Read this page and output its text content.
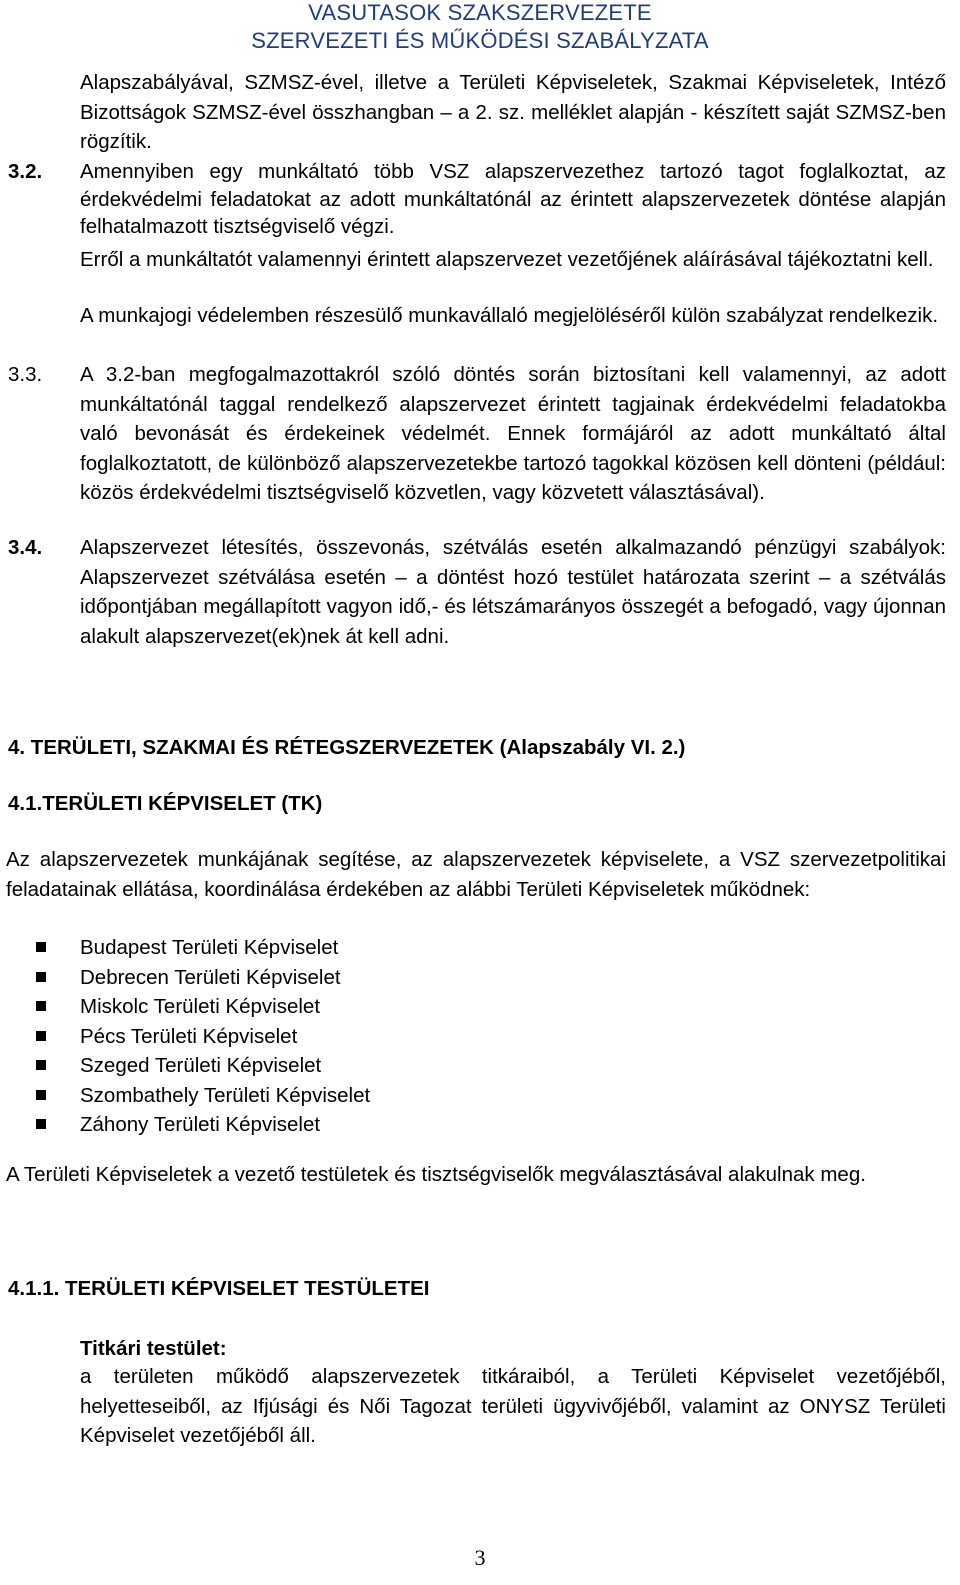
VASUTASOK SZAKSZERVEZETE
SZERVEZETI ÉS MŰKÖDÉSI SZABÁLYZATA
Alapszabályával, SZMSZ-ével, illetve a Területi Képviseletek, Szakmai Képviseletek, Intéző Bizottságok SZMSZ-ével összhangban – a 2. sz. melléklet alapján - készített saját SZMSZ-ben rögzítik.
3.2. Amennyiben egy munkáltató több VSZ alapszervezethez tartozó tagot foglalkoztat, az érdekvédelmi feladatokat az adott munkáltatónál az érintett alapszervezetek döntése alapján felhatalmazott tisztségviselő végzi.
Erről a munkáltatót valamennyi érintett alapszervezet vezetőjének aláírásával tájékoztatni kell.
A munkajogi védelemben részesülő munkavállaló megjelöléséről külön szabályzat rendelkezik.
3.3. A 3.2-ban megfogalmazottakról szóló döntés során biztosítani kell valamennyi, az adott munkáltatónál taggal rendelkező alapszervezet érintett tagjainak érdekvédelmi feladatokba való bevonását és érdekeinek védelmét. Ennek formájáról az adott munkáltató által foglalkoztatott, de különböző alapszervezetekbe tartozó tagokkal közösen kell dönteni (például: közös érdekvédelmi tisztségviselő közvetlen, vagy közvetett választásával).
3.4. Alapszervezet létesítés, összevonás, szétválás esetén alkalmazandó pénzügyi szabályok: Alapszervezet szétválása esetén – a döntést hozó testület határozata szerint – a szétválás időpontjában megállapított vagyon idő,- és létszámarányos összegét a befogadó, vagy újonnan alakult alapszervezet(ek)nek át kell adni.
4. TERÜLETI, SZAKMAI ÉS RÉTEGSZERVEZETEK (Alapszabály VI. 2.)
4.1.TERÜLETI KÉPVISELET (TK)
Az alapszervezetek munkájának segítése, az alapszervezetek képviselete, a VSZ szervezetpolitikai feladatainak ellátása, koordinálása érdekében az alábbi Területi Képviseletek működnek:
Budapest Területi Képviselet
Debrecen Területi Képviselet
Miskolc Területi Képviselet
Pécs Területi Képviselet
Szeged Területi Képviselet
Szombathely Területi Képviselet
Záhony Területi Képviselet
A Területi Képviseletek a vezető testületek és tisztségviselők megválasztásával alakulnak meg.
4.1.1. TERÜLETI KÉPVISELET TESTÜLETEI
Titkári testület:
a területen működő alapszervezetek titkáraiból, a Területi Képviselet vezetőjéből, helyetteseiből, az Ifjúsági és Női Tagozat területi ügyvivőjéből, valamint az ONYSZ Területi Képviselet vezetőjéből áll.
3
